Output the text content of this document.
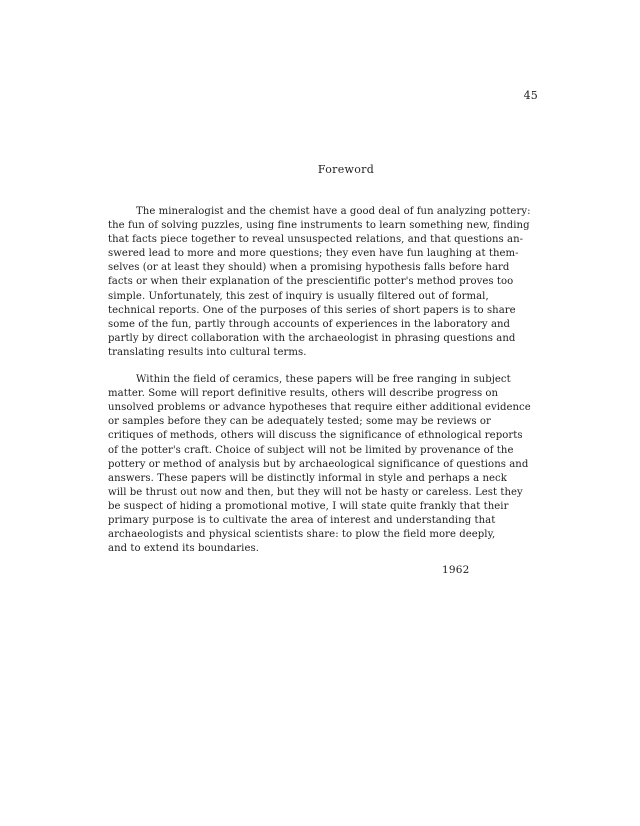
45
Foreword
The mineralogist and the chemist have a good deal of fun analyzing pottery:
the fun of solving puzzles, using fine instruments to learn something new, finding
that facts piece together to reveal unsuspected relations, and that questions an-
swered lead to more and more questions; they even have fun laughing at them-
selves (or at least they should) when a promising hypothesis falls before hard
facts or when their explanation of the prescientific potter's method proves too
simple. Unfortunately, this zest of inquiry is usually filtered out of formal,
technical reports. One of the purposes of this series of short papers is to share
some of the fun, partly through accounts of experiences in the laboratory and
partly by direct collaboration with the archaeologist in phrasing questions and
translating results into cultural terms.
Within the field of ceramics, these papers will be free ranging in subject
matter. Some will report definitive results, others will describe progress on
unsolved problems or advance hypotheses that require either additional evidence
or samples before they can be adequately tested; some may be reviews or
critiques of methods, others will discuss the significance of ethnological reports
of the potter's craft. Choice of subject will not be limited by provenance of the
pottery or method of analysis but by archaeological significance of questions and
answers. These papers will be distinctly informal in style and perhaps a neck
will be thrust out now and then, but they will not be hasty or careless. Lest they
be suspect of hiding a promotional motive, I will state quite frankly that their
primary purpose is to cultivate the area of interest and understanding that
archaeologists and physical scientists share: to plow the field more deeply,
and to extend its boundaries.
1962
